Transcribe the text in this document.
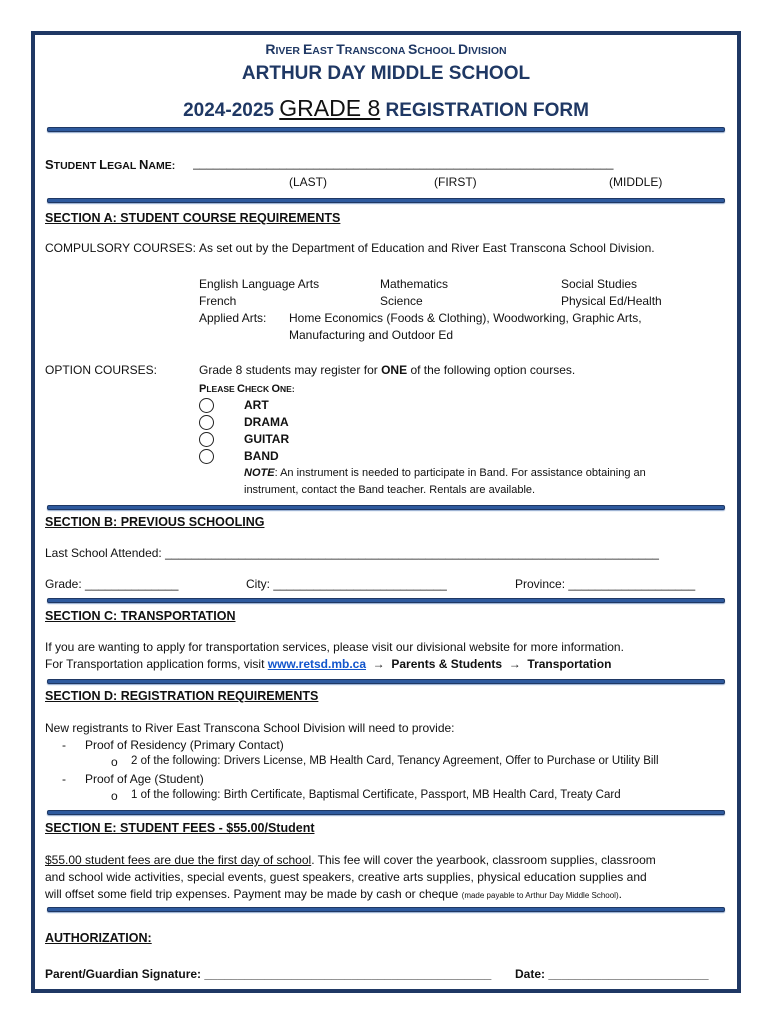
RIVER EAST TRANSCONA SCHOOL DIVISION
ARTHUR DAY MIDDLE SCHOOL
2024-2025 GRADE 8 REGISTRATION FORM
STUDENT LEGAL NAME: _______________________________________________________________
(LAST)	(FIRST)	(MIDDLE)
SECTION A: STUDENT COURSE REQUIREMENTS
COMPULSORY COURSES: As set out by the Department of Education and River East Transcona School Division.
English Language Arts	Mathematics	Social Studies
French	Science	Physical Ed/Health
Applied Arts: Home Economics (Foods & Clothing), Woodworking, Graphic Arts,
Manufacturing and Outdoor Ed
OPTION COURSES:	Grade 8 students may register for ONE of the following option courses.
PLEASE CHECK ONE:
ART
DRAMA
GUITAR
BAND
NOTE: An instrument is needed to participate in Band. For assistance obtaining an
instrument, contact the Band teacher. Rentals are available.
SECTION B: PREVIOUS SCHOOLING
Last School Attended: __________________________________________________________________________
Grade: ______________	City: __________________________	Province: ___________________
SECTION C: TRANSPORTATION
If you are wanting to apply for transportation services, please visit our divisional website for more information.
For Transportation application forms, visit www.retsd.mb.ca  →  Parents & Students  →  Transportation
SECTION D: REGISTRATION REQUIREMENTS
New registrants to River East Transcona School Division will need to provide:
- Proof of Residency (Primary Contact)
o 2 of the following: Drivers License, MB Health Card, Tenancy Agreement, Offer to Purchase or Utility Bill
- Proof of Age (Student)
o 1 of the following: Birth Certificate, Baptismal Certificate, Passport, MB Health Card, Treaty Card
SECTION E: STUDENT FEES - $55.00/Student
$55.00 student fees are due the first day of school. This fee will cover the yearbook, classroom supplies, classroom
and school wide activities, special events, guest speakers, creative arts supplies, physical education supplies and
will offset some field trip expenses. Payment may be made by cash or cheque (made payable to Arthur Day Middle School).
AUTHORIZATION:
Parent/Guardian Signature: ___________________________________________ Date: ________________________
